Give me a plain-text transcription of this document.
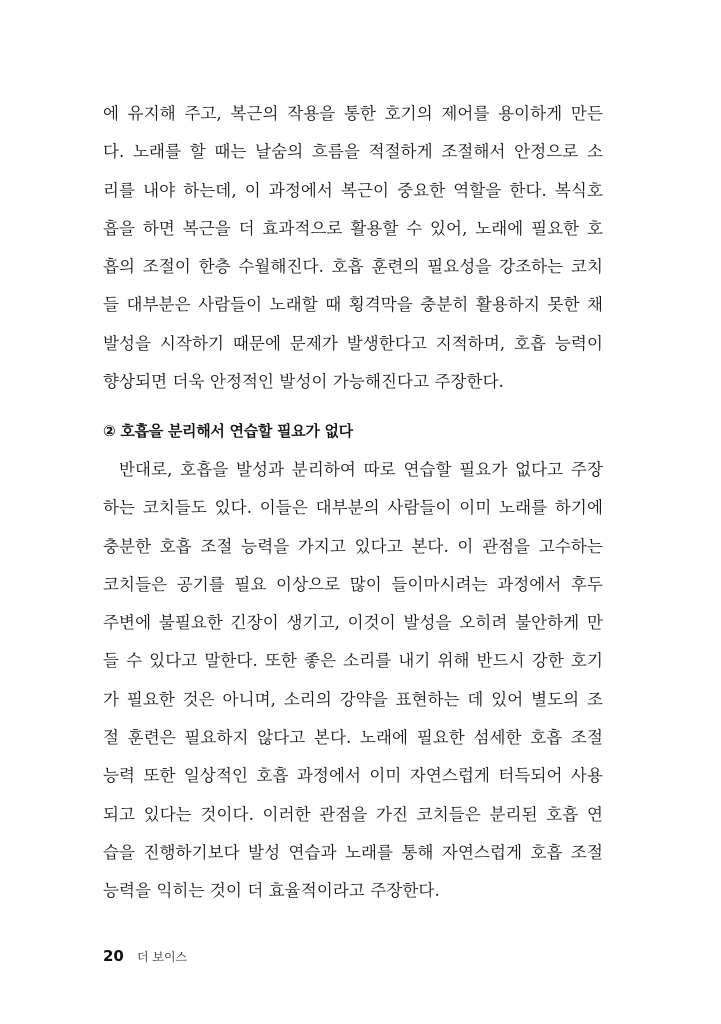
에 유지해 주고, 복근의 작용을 통한 호기의 제어를 용이하게 만든
다. 노래를 할 때는 날숨의 흐름을 적절하게 조절해서 안정으로 소
리를 내야 하는데, 이 과정에서 복근이 중요한 역할을 한다. 복식호
흡을 하면 복근을 더 효과적으로 활용할 수 있어, 노래에 필요한 호
흡의 조절이 한층 수월해진다. 호흡 훈련의 필요성을 강조하는 코치
들 대부분은 사람들이 노래할 때 횡격막을 충분히 활용하지 못한 채
발성을 시작하기 때문에 문제가 발생한다고 지적하며, 호흡 능력이
향상되면 더욱 안정적인 발성이 가능해진다고 주장한다.
② 호흡을 분리해서 연습할 필요가 없다
반대로, 호흡을 발성과 분리하여 따로 연습할 필요가 없다고 주장
하는 코치들도 있다. 이들은 대부분의 사람들이 이미 노래를 하기에
충분한 호흡 조절 능력을 가지고 있다고 본다. 이 관점을 고수하는
코치들은 공기를 필요 이상으로 많이 들이마시려는 과정에서 후두
주변에 불필요한 긴장이 생기고, 이것이 발성을 오히려 불안하게 만
들 수 있다고 말한다. 또한 좋은 소리를 내기 위해 반드시 강한 호기
가 필요한 것은 아니며, 소리의 강약을 표현하는 데 있어 별도의 조
절 훈련은 필요하지 않다고 본다. 노래에 필요한 섬세한 호흡 조절
능력 또한 일상적인 호흡 과정에서 이미 자연스럽게 터득되어 사용
되고 있다는 것이다. 이러한 관점을 가진 코치들은 분리된 호흡 연
습을 진행하기보다 발성 연습과 노래를 통해 자연스럽게 호흡 조절
능력을 익히는 것이 더 효율적이라고 주장한다.
20 더 보이스
